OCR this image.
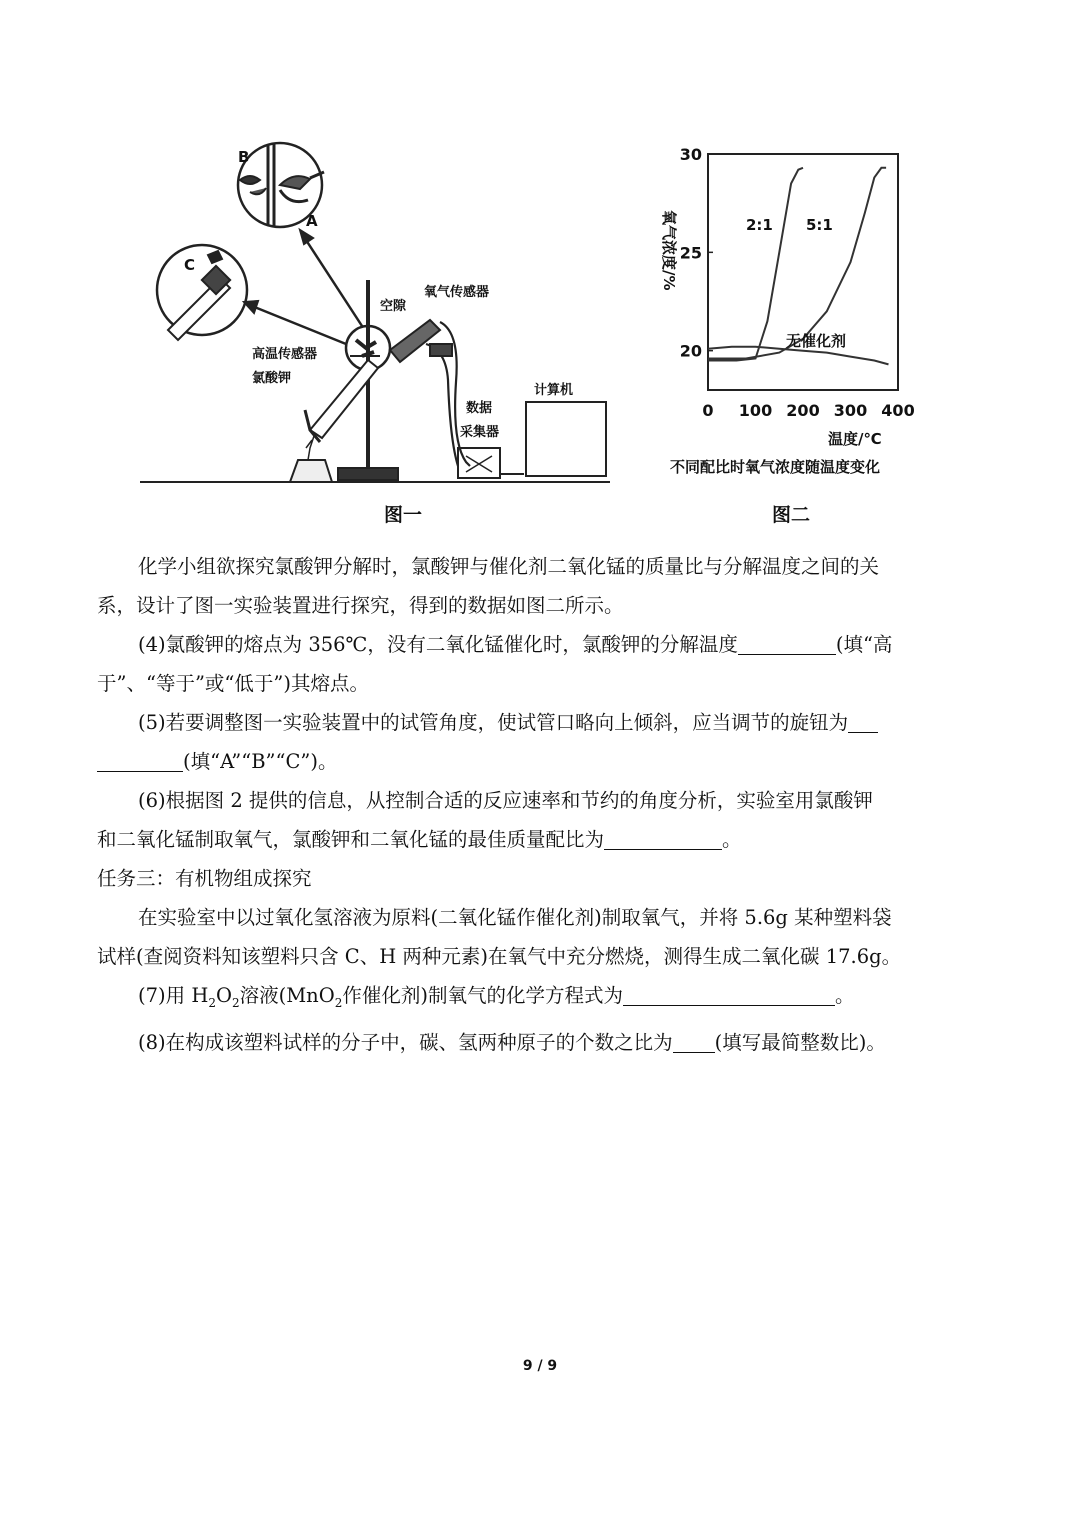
B
A
C
空隙
氧气传感器
高温传感器
氯酸钾
数据
采集器
计算机
图一
20
25
30
0 100 200 300 400
2:1 5:1
无催化剂
氧气浓度/%
温度/℃
不同配比时氧气浓度随温度变化
图二
化学小组欲探究氯酸钾分解时，氯酸钾与催化剂二氧化锰的质量比与分解温度之间的关
系，设计了图一实验装置进行探究，得到的数据如图二所示。
(4)氯酸钾的熔点为 356℃，没有二氧化锰催化时，氯酸钾的分解温度	(填“高
于”、“等于”或“低于”)其熔点。
(5)若要调整图一实验装置中的试管角度，使试管口略向上倾斜，应当调节的旋钮为
(填“A”“B”“C”)。
(6)根据图 2 提供的信息，从控制合适的反应速率和节约的角度分析，实验室用氯酸钾
和二氧化锰制取氧气，氯酸钾和二氧化锰的最佳质量配比为	。
任务三：有机物组成探究
在实验室中以过氧化氢溶液为原料(二氧化锰作催化剂)制取氧气，并将 5.6g 某种塑料袋
试样(查阅资料知该塑料只含 C、H 两种元素)在氧气中充分燃烧，测得生成二氧化碳 17.6g。
(7)用 $H_2O_2$溶液(MnO$_2$作催化剂)制氧气的化学方程式为	。
(8)在构成该塑料试样的分子中，碳、氢两种原子的个数之比为 (填写最简整数比)。
9 / 9
